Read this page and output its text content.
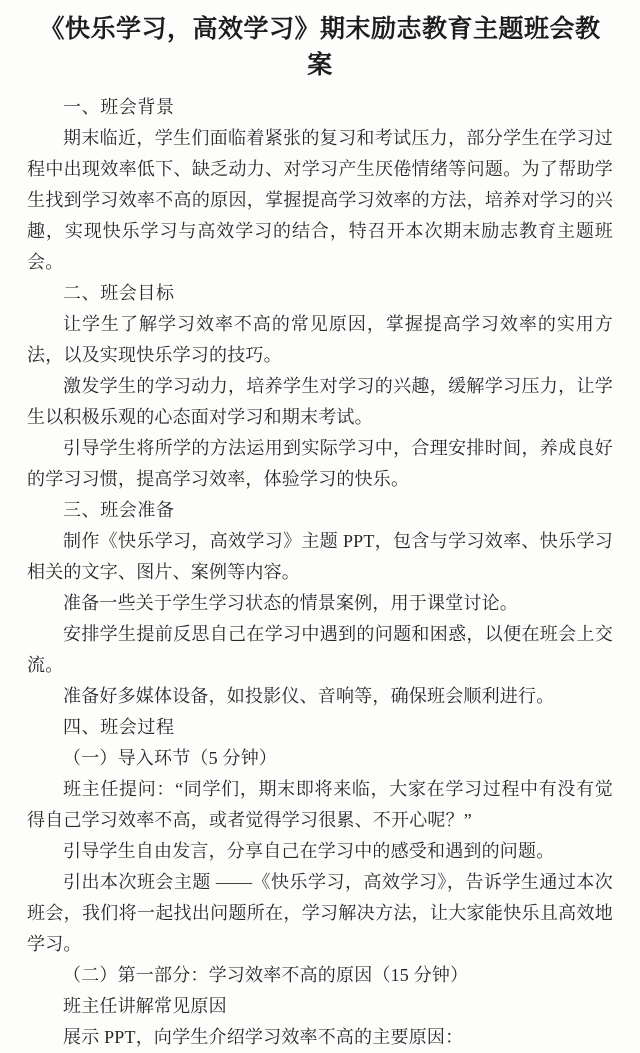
《快乐学习，高效学习》期末励志教育主题班会教案

一、班会背景

期末临近，学生们面临着紧张的复习和考试压力，部分学生在学习过程中出现效率低下、缺乏动力、对学习产生厌倦情绪等问题。为了帮助学生找到学习效率不高的原因，掌握提高学习效率的方法，培养对学习的兴趣，实现快乐学习与高效学习的结合，特召开本次期末励志教育主题班会。

二、班会目标

让学生了解学习效率不高的常见原因，掌握提高学习效率的实用方法，以及实现快乐学习的技巧。

激发学生的学习动力，培养学生对学习的兴趣，缓解学习压力，让学生以积极乐观的心态面对学习和期末考试。

引导学生将所学的方法运用到实际学习中，合理安排时间，养成良好的学习习惯，提高学习效率，体验学习的快乐。

三、班会准备

制作《快乐学习，高效学习》主题 PPT，包含与学习效率、快乐学习相关的文字、图片、案例等内容。

准备一些关于学生学习状态的情景案例，用于课堂讨论。

安排学生提前反思自己在学习中遇到的问题和困惑，以便在班会上交流。

准备好多媒体设备，如投影仪、音响等，确保班会顺利进行。

四、班会过程

（一）导入环节（5 分钟）

班主任提问：“同学们，期末即将来临，大家在学习过程中有没有觉得自己学习效率不高，或者觉得学习很累、不开心呢？”

引导学生自由发言，分享自己在学习中的感受和遇到的问题。

引出本次班会主题 ——《快乐学习，高效学习》，告诉学生通过本次班会，我们将一起找出问题所在，学习解决方法，让大家能快乐且高效地学习。

（二）第一部分：学习效率不高的原因（15 分钟）

班主任讲解常见原因

展示 PPT，向学生介绍学习效率不高的主要原因：
